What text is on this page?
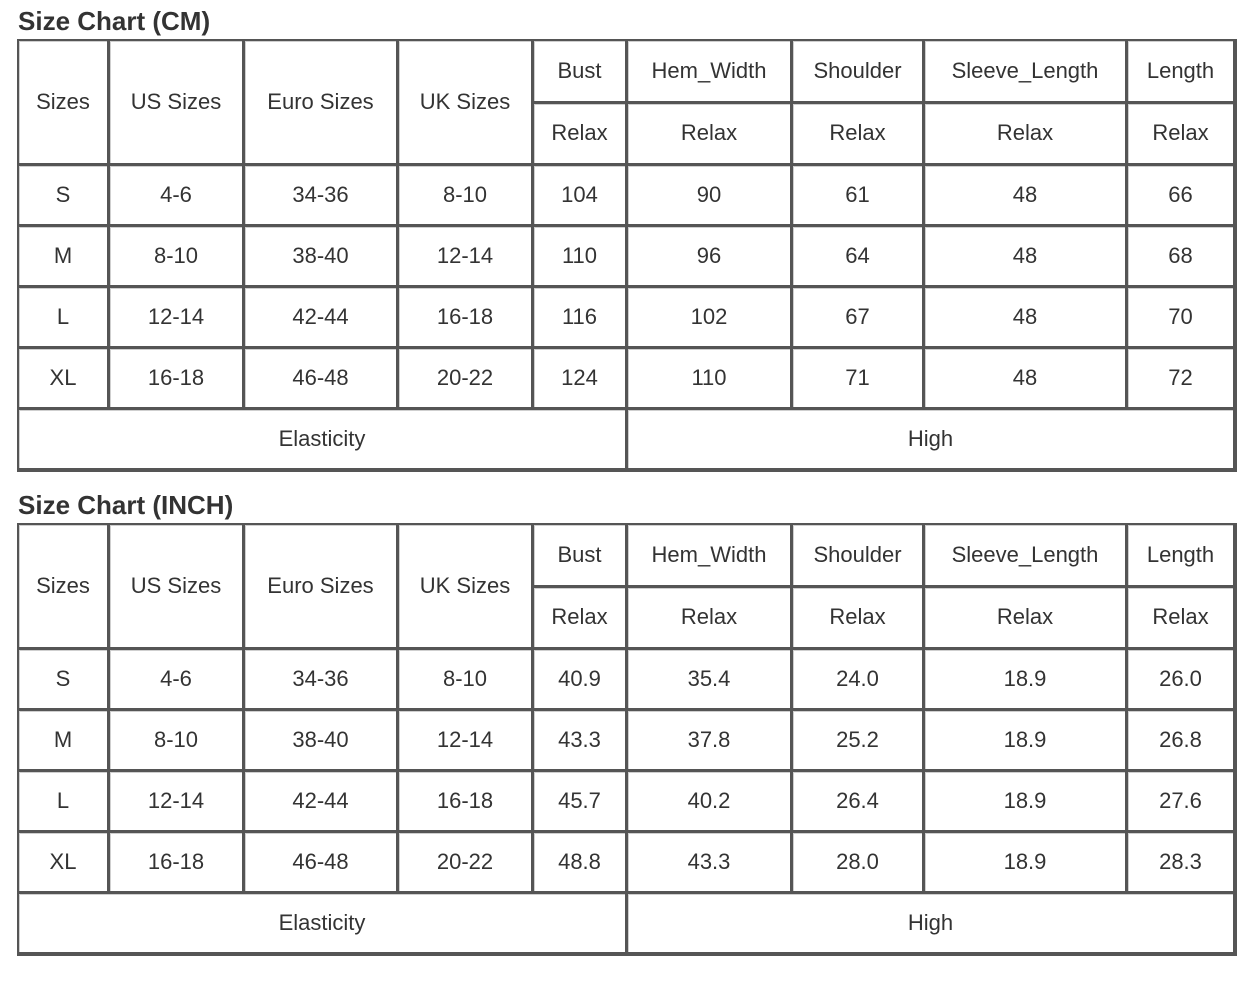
Size Chart (CM)
Sizes	US Sizes	Euro Sizes	UK Sizes	Bust	Hem_Width	Shoulder	Sleeve_Length	Length
				Relax	Relax	Relax	Relax	Relax
S	4-6	34-36	8-10	104	90	61	48	66
M	8-10	38-40	12-14	110	96	64	48	68
L	12-14	42-44	16-18	116	102	67	48	70
XL	16-18	46-48	20-22	124	110	71	48	72
Elasticity					High			
Size Chart (INCH)
Sizes	US Sizes	Euro Sizes	UK Sizes	Bust	Hem_Width	Shoulder	Sleeve_Length	Length
				Relax	Relax	Relax	Relax	Relax
S	4-6	34-36	8-10	40.9	35.4	24.0	18.9	26.0
M	8-10	38-40	12-14	43.3	37.8	25.2	18.9	26.8
L	12-14	42-44	16-18	45.7	40.2	26.4	18.9	27.6
XL	16-18	46-48	20-22	48.8	43.3	28.0	18.9	28.3
Elasticity					High			
